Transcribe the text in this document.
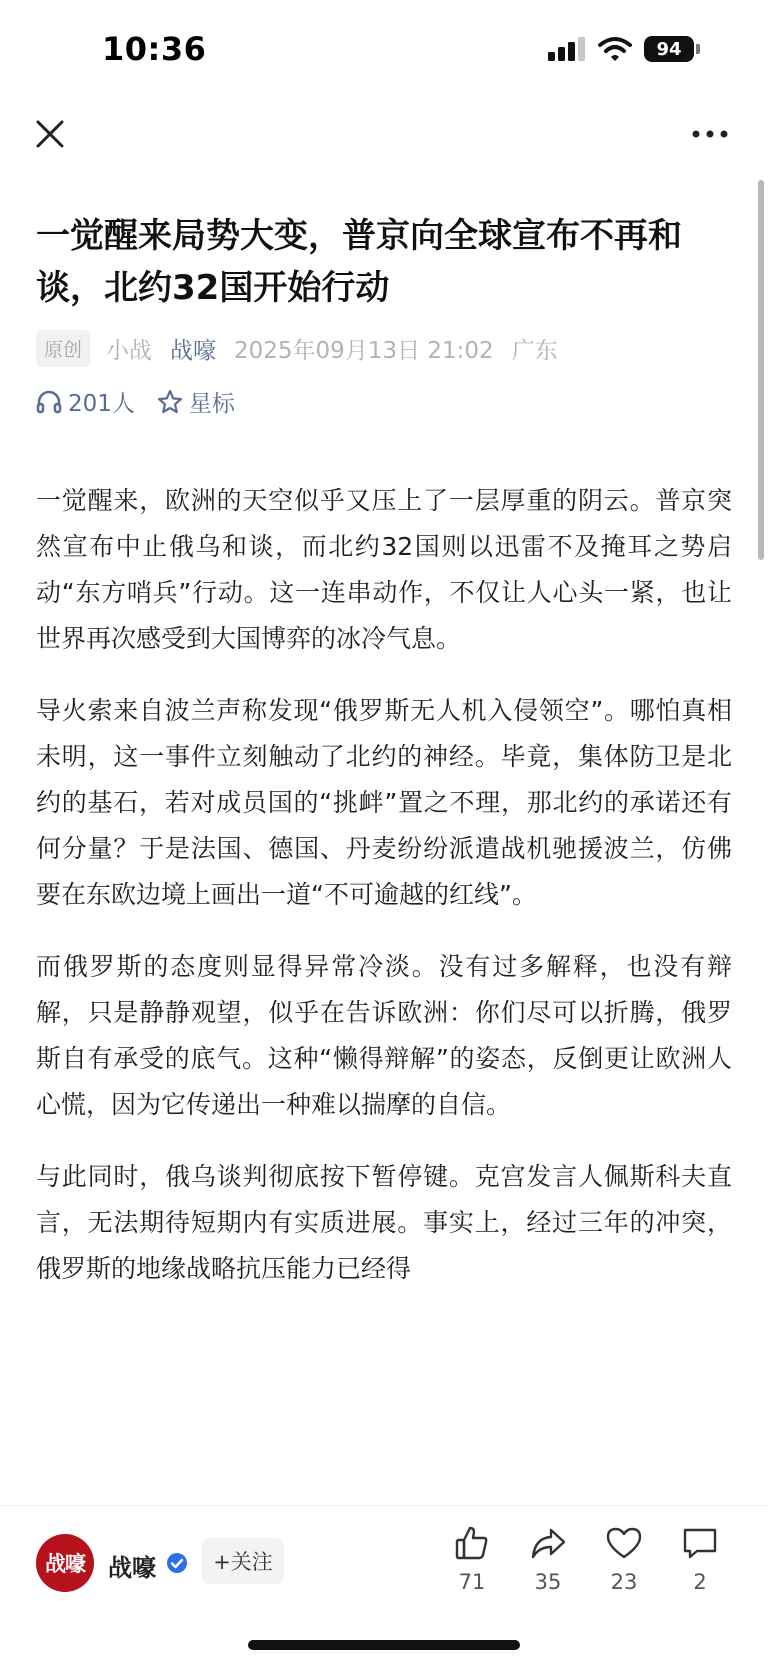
10:36	94
一觉醒来局势大变，普京向全球宣布不再和谈，北约32国开始行动
原创	小战 战嚎 2025年09月13日 21:02 广东
201人 星标

一觉醒来，欧洲的天空似乎又压上了一层厚重的阴云。普京突然宣布中止俄乌和谈，而北约32国则以迅雷不及掩耳之势启动“东方哨兵”行动。这一连串动作，不仅让人心头一紧，也让世界再次感受到大国博弈的冰冷气息。

导火索来自波兰声称发现“俄罗斯无人机入侵领空”。哪怕真相未明，这一事件立刻触动了北约的神经。毕竟，集体防卫是北约的基石，若对成员国的“挑衅”置之不理，那北约的承诺还有何分量？于是法国、德国、丹麦纷纷派遣战机驰援波兰，仿佛要在东欧边境上画出一道“不可逾越的红线”。

而俄罗斯的态度则显得异常冷淡。没有过多解释，也没有辩解，只是静静观望，似乎在告诉欧洲：你们尽可以折腾，俄罗斯自有承受的底气。这种“懒得辩解”的姿态，反倒更让欧洲人心慌，因为它传递出一种难以揣摩的自信。

与此同时，俄乌谈判彻底按下暂停键。克宫发言人佩斯科夫直言，无法期待短期内有实质进展。事实上，经过三年的冲突，俄罗斯的地缘战略抗压能力已经得

战嚎 战嚎	+关注
71 35 23	2
